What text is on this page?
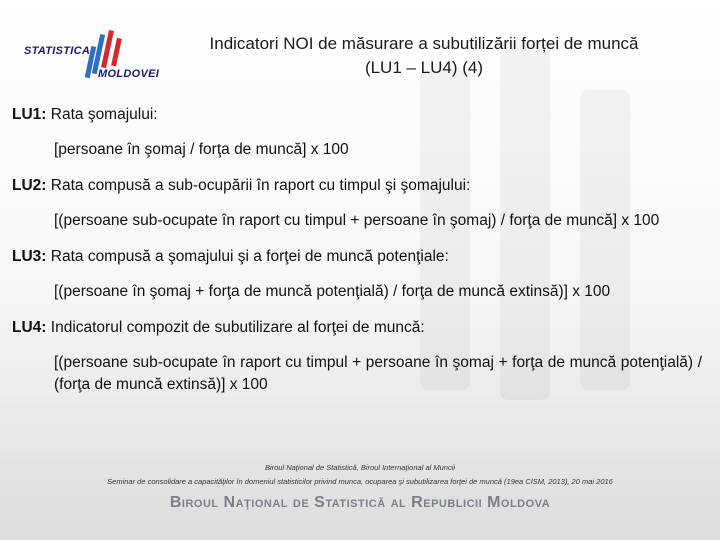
STATISTICA
MOLDOVEI
Indicatori NOI de măsurare a subutilizării forței de muncă
(LU1 – LU4) (4)

LU1: Rata şomajului:

[persoane în şomaj / forţa de muncă] x 100

LU2: Rata compusă a sub-ocupării în raport cu timpul şi şomajului:

[(persoane sub-ocupate în raport cu timpul + persoane în şomaj) / forţa de muncă] x 100

LU3: Rata compusă a şomajului şi a forţei de muncă potenţiale:

[(persoane în şomaj + forţa de muncă potenţială) / forţa de muncă extinsă)] x 100

LU4: Indicatorul compozit de subutilizare al forţei de muncă:

[(persoane sub-ocupate în raport cu timpul + persoane în şomaj + forţa de muncă potenţială) / (forţa de muncă extinsă)] x 100

Biroul Naţional de Statistică, Biroul Internaţional al Muncii
Seminar de consolidare a capacităţilor în domeniul statisticilor privind munca, ocuparea şi subutilizarea forţei de muncă (19ea CISM, 2013), 20 mai 2016
Biroul Naţional de Statistică al Republicii Moldova
